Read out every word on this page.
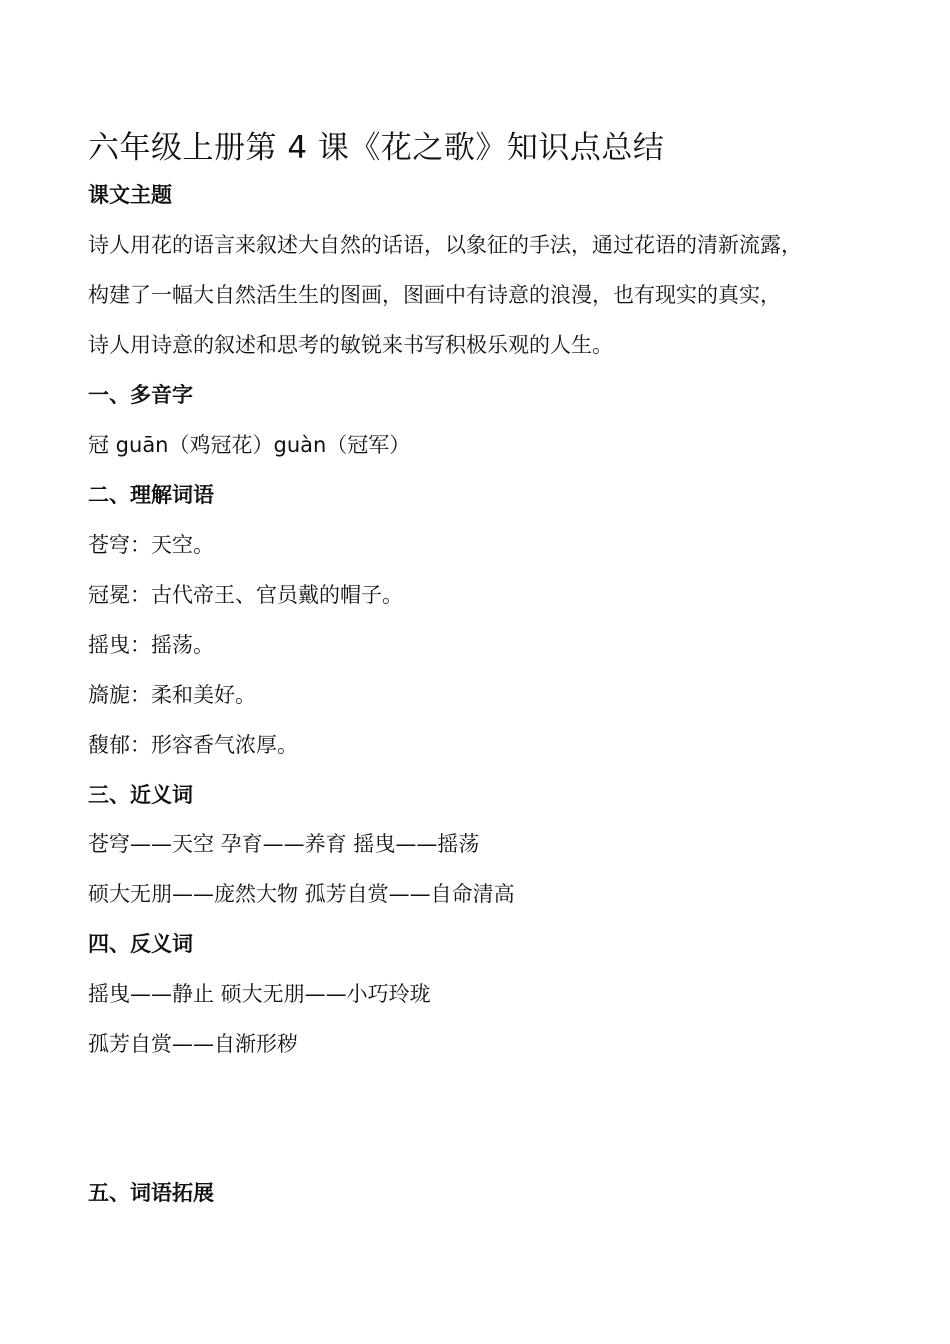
六年级上册第 4 课《花之歌》知识点总结
课文主题
诗人用花的语言来叙述大自然的话语，以象征的手法，通过花语的清新流露，
构建了一幅大自然活生生的图画，图画中有诗意的浪漫，也有现实的真实，
诗人用诗意的叙述和思考的敏锐来书写积极乐观的人生。
一、多音字
冠 guān（鸡冠花）guàn（冠军）
二、理解词语
苍穹：天空。
冠冕：古代帝王、官员戴的帽子。
摇曳：摇荡。
旖旎：柔和美好。
馥郁：形容香气浓厚。
三、近义词
苍穹——天空 孕育——养育 摇曳——摇荡
硕大无朋——庞然大物 孤芳自赏——自命清高
四、反义词
摇曳——静止 硕大无朋——小巧玲珑
孤芳自赏——自渐形秽
五、词语拓展
